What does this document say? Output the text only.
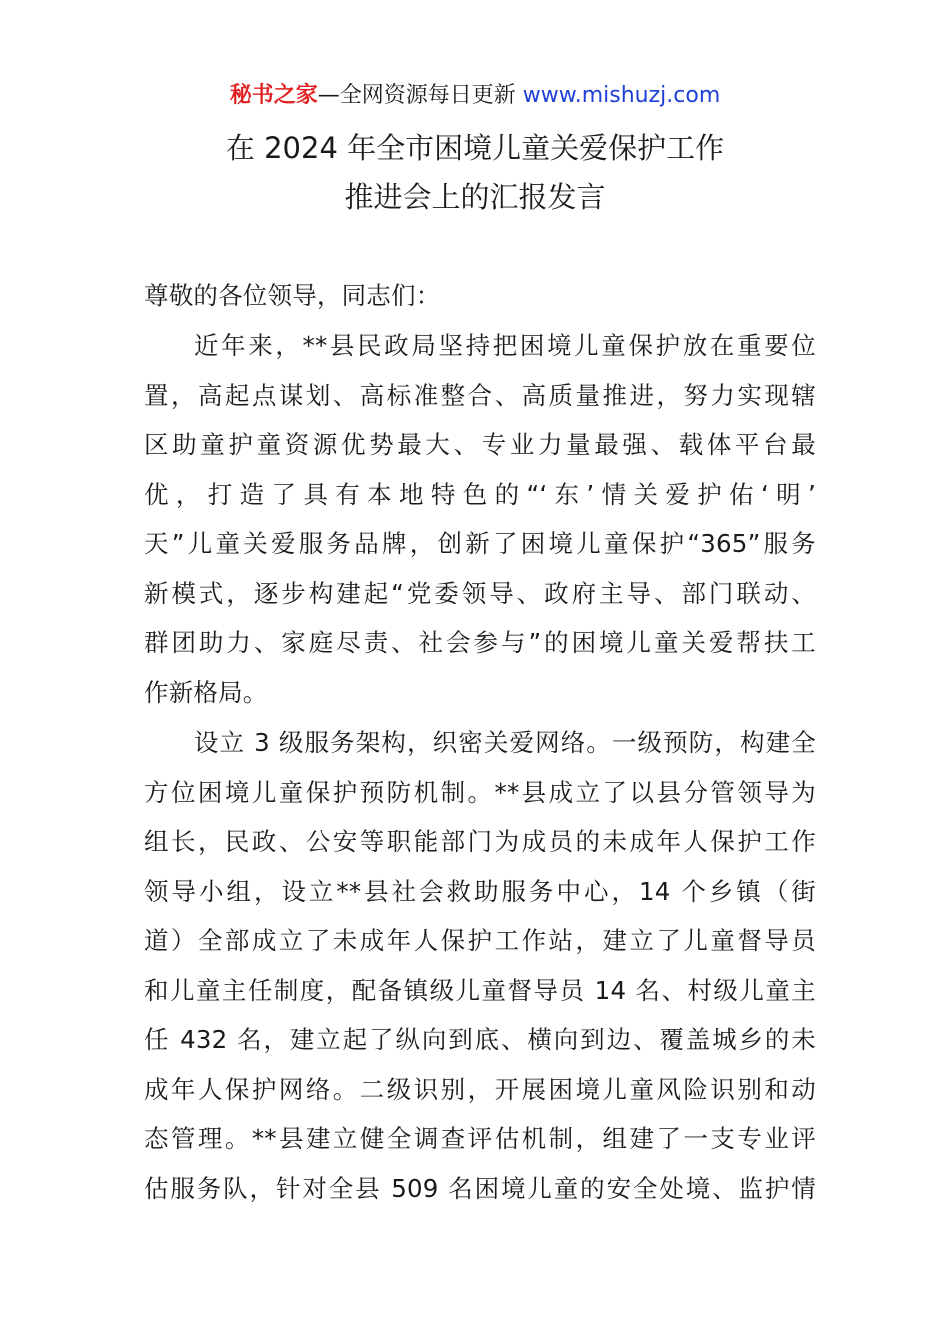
秘书之家—全网资源每日更新 www.mishuzj.com
在 2024 年全市困境儿童关爱保护工作
推进会上的汇报发言
尊敬的各位领导，同志们：
近年来，**县民政局坚持把困境儿童保护放在重要位
置，高起点谋划、高标准整合、高质量推进，努力实现辖
区助童护童资源优势最大、专业力量最强、载体平台最
优，打造了具有本地特色的“‘东’情关爱护佑‘明’
天”儿童关爱服务品牌，创新了困境儿童保护“365”服务
新模式，逐步构建起“党委领导、政府主导、部门联动、
群团助力、家庭尽责、社会参与”的困境儿童关爱帮扶工
作新格局。
设立 3 级服务架构，织密关爱网络。一级预防，构建全
方位困境儿童保护预防机制。**县成立了以县分管领导为
组长，民政、公安等职能部门为成员的未成年人保护工作
领导小组，设立**县社会救助服务中心，14 个乡镇（街
道）全部成立了未成年人保护工作站，建立了儿童督导员
和儿童主任制度，配备镇级儿童督导员 14 名、村级儿童主
任 432 名，建立起了纵向到底、横向到边、覆盖城乡的未
成年人保护网络。二级识别，开展困境儿童风险识别和动
态管理。**县建立健全调查评估机制，组建了一支专业评
估服务队，针对全县 509 名困境儿童的安全处境、监护情
